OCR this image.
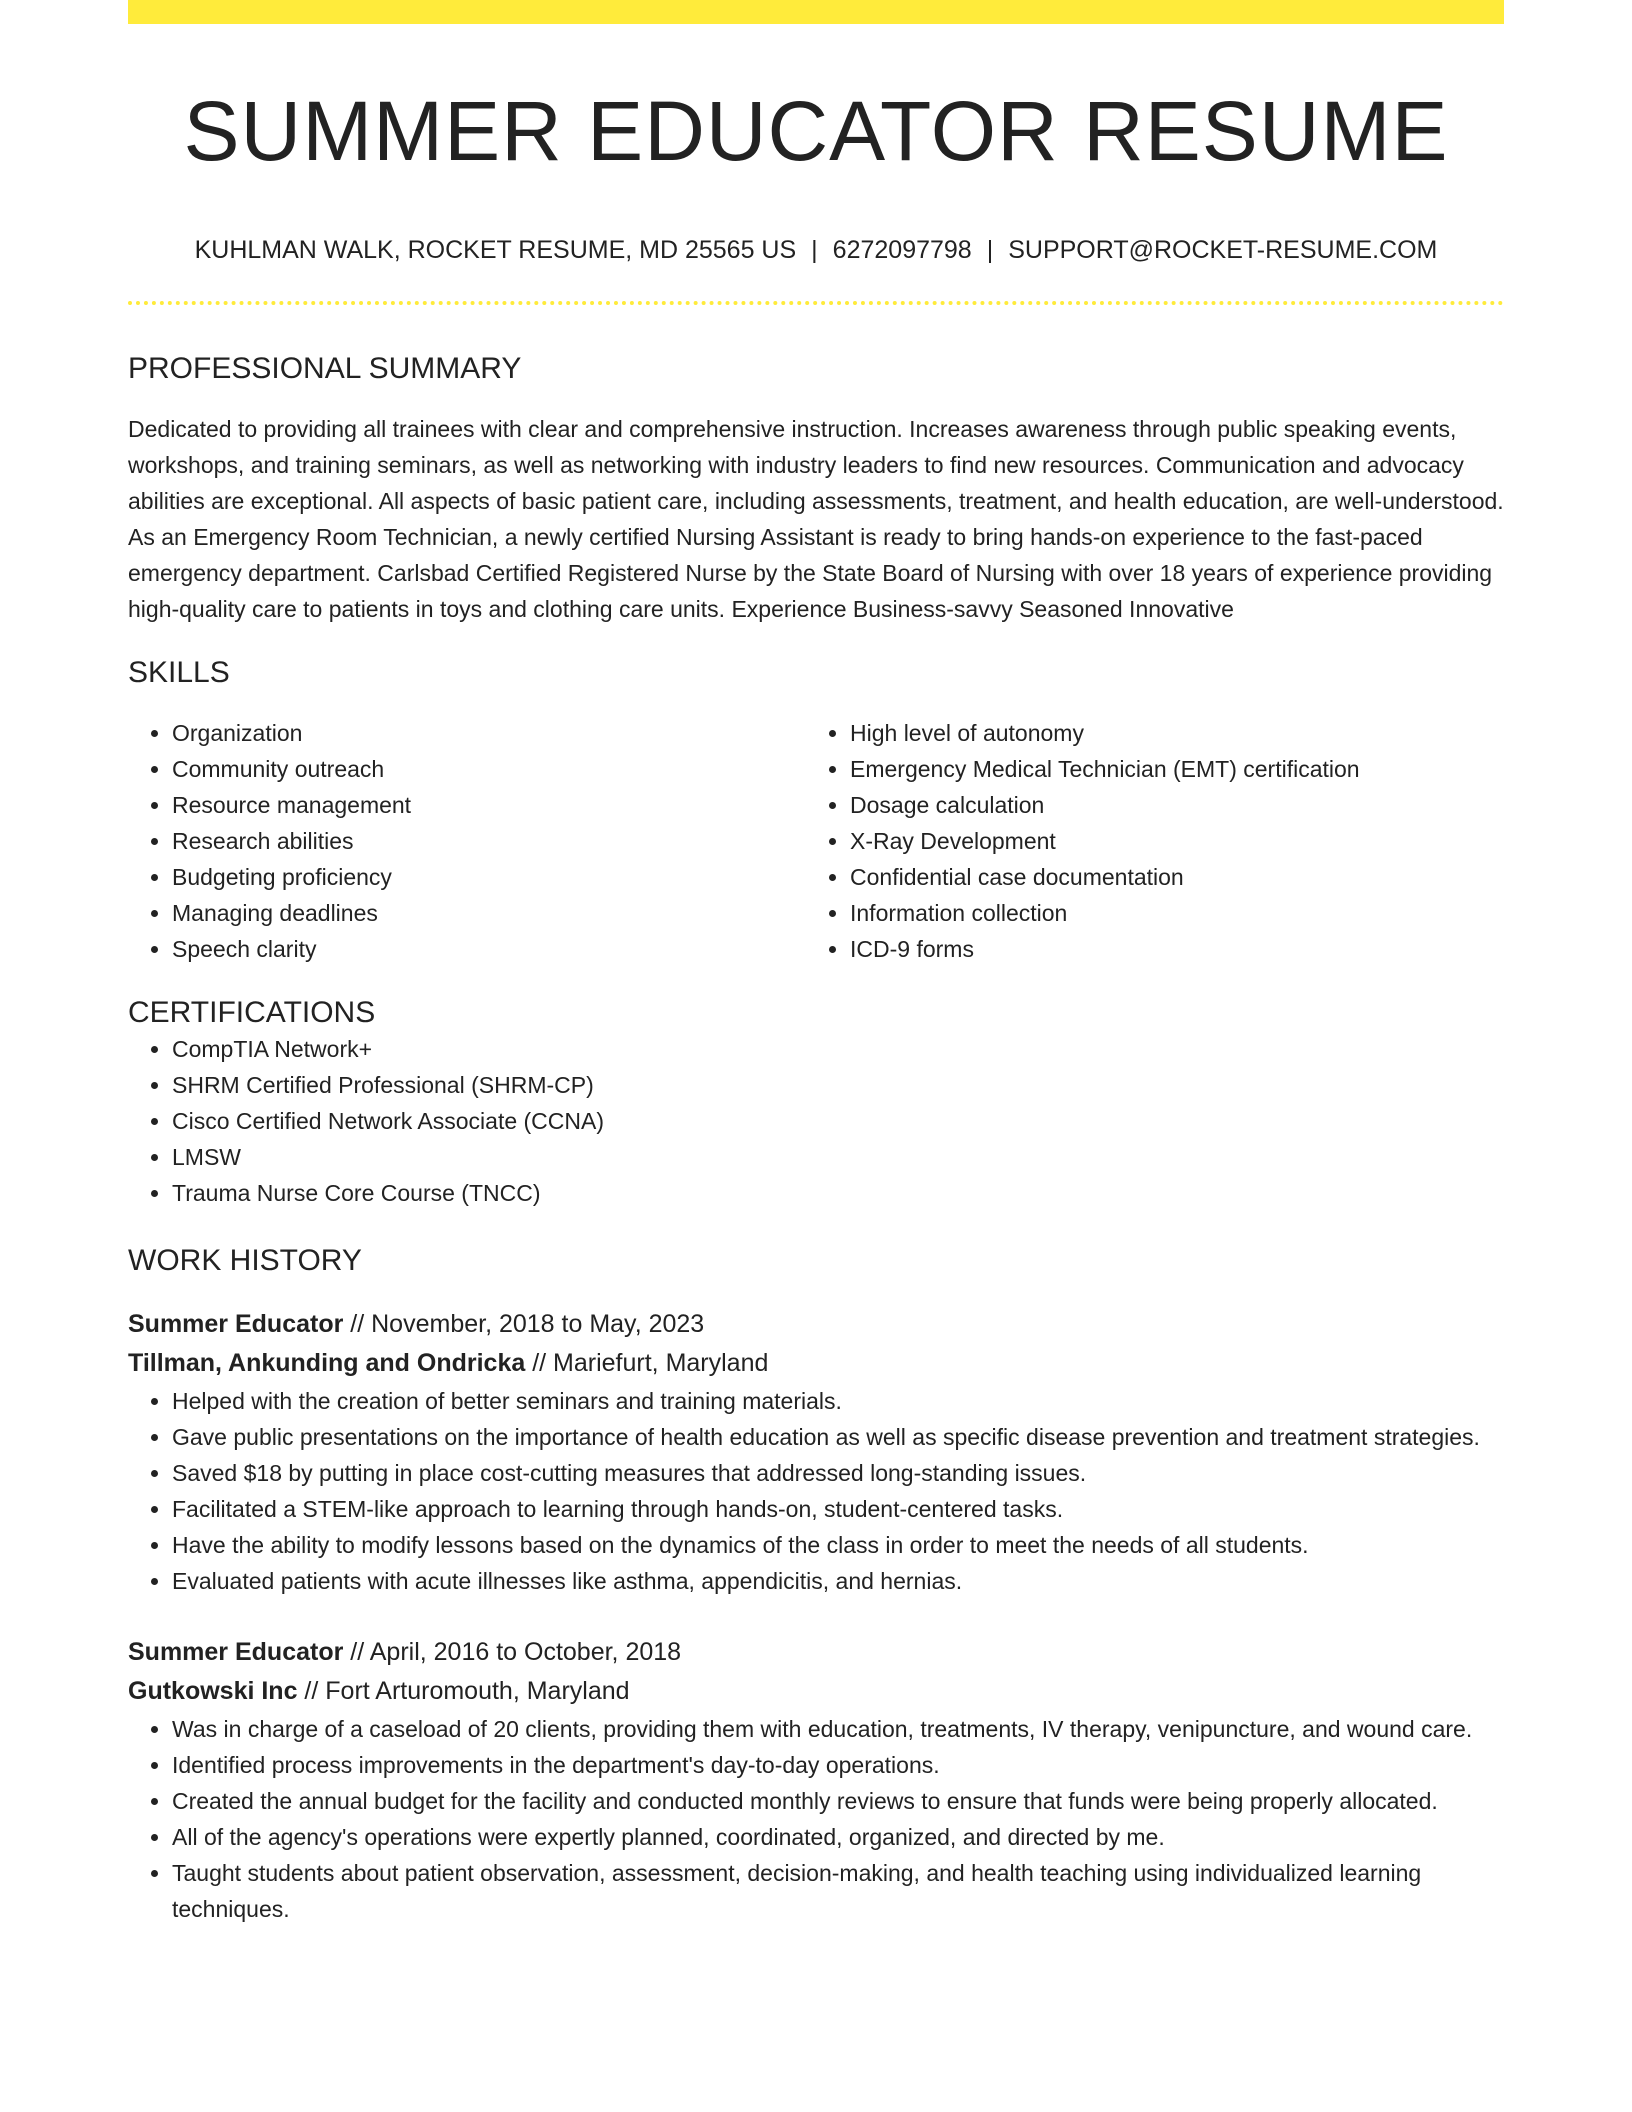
SUMMER EDUCATOR RESUME
KUHLMAN WALK, ROCKET RESUME, MD 25565 US | 6272097798 | SUPPORT@ROCKET-RESUME.COM
PROFESSIONAL SUMMARY
Dedicated to providing all trainees with clear and comprehensive instruction. Increases awareness through public speaking events, workshops, and training seminars, as well as networking with industry leaders to find new resources. Communication and advocacy abilities are exceptional. All aspects of basic patient care, including assessments, treatment, and health education, are well-understood. As an Emergency Room Technician, a newly certified Nursing Assistant is ready to bring hands-on experience to the fast-paced emergency department. Carlsbad Certified Registered Nurse by the State Board of Nursing with over 18 years of experience providing high-quality care to patients in toys and clothing care units. Experience Business-savvy Seasoned Innovative
SKILLS
• Organization
• Community outreach
• Resource management
• Research abilities
• Budgeting proficiency
• Managing deadlines
• Speech clarity
• High level of autonomy
• Emergency Medical Technician (EMT) certification
• Dosage calculation
• X-Ray Development
• Confidential case documentation
• Information collection
• ICD-9 forms
CERTIFICATIONS
• CompTIA Network+
• SHRM Certified Professional (SHRM-CP)
• Cisco Certified Network Associate (CCNA)
• LMSW
• Trauma Nurse Core Course (TNCC)
WORK HISTORY
Summer Educator // November, 2018 to May, 2023
Tillman, Ankunding and Ondricka // Mariefurt, Maryland
• Helped with the creation of better seminars and training materials.
• Gave public presentations on the importance of health education as well as specific disease prevention and treatment strategies.
• Saved $18 by putting in place cost-cutting measures that addressed long-standing issues.
• Facilitated a STEM-like approach to learning through hands-on, student-centered tasks.
• Have the ability to modify lessons based on the dynamics of the class in order to meet the needs of all students.
• Evaluated patients with acute illnesses like asthma, appendicitis, and hernias.
Summer Educator // April, 2016 to October, 2018
Gutkowski Inc // Fort Arturomouth, Maryland
• Was in charge of a caseload of 20 clients, providing them with education, treatments, IV therapy, venipuncture, and wound care.
• Identified process improvements in the department's day-to-day operations.
• Created the annual budget for the facility and conducted monthly reviews to ensure that funds were being properly allocated.
• All of the agency's operations were expertly planned, coordinated, organized, and directed by me.
• Taught students about patient observation, assessment, decision-making, and health teaching using individualized learning techniques.
